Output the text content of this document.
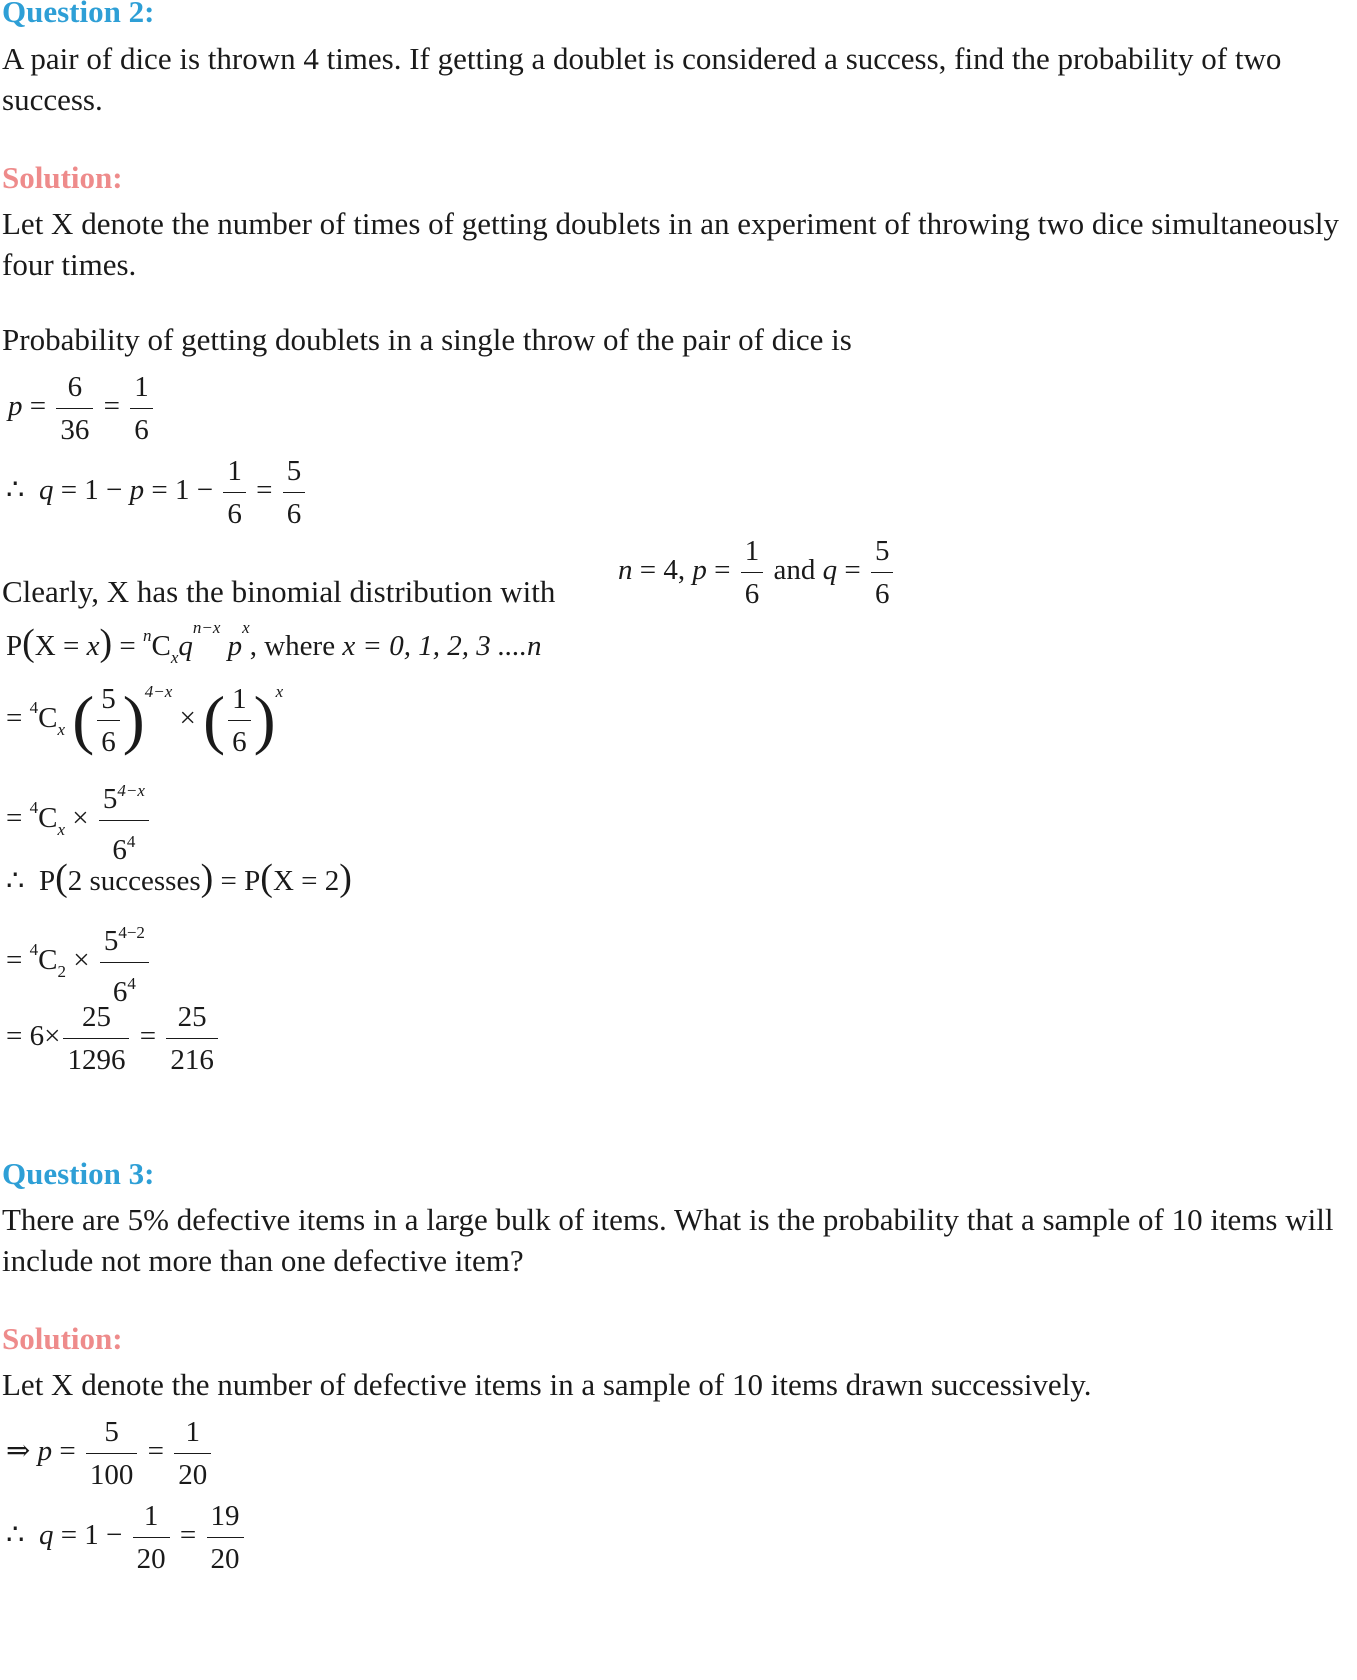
Question 2:
A pair of dice is thrown 4 times. If getting a doublet is considered a success, find the probability of two success.
Solution:
Let X denote the number of times of getting doublets in an experiment of throwing two dice simultaneously four times.
Probability of getting doublets in a single throw of the pair of dice is
$p = \frac{6}{36} = \frac{1}{6}$
∴  $q = 1 - p = 1 - \frac{1}{6} = \frac{5}{6}$
Clearly, X has the binomial distribution with
n = 4, $p = \frac{1}{6}$ and $q = \frac{5}{6}$
$P(X = x) = ^nC_xq^{n-x}$ $p^x$, where x = 0, 1, 2, 3 ....n
= $^4C_x$ ( $\frac{5}{6} )^{4-x}$ × ( $\frac{1}{6} )^x$
= $^4C_x \times \frac{5^{4-x}}{6^4}$
∴  P(2 successes) = P(X = 2)
= $^4C_2 \times \frac{5^{4-2}}{6^4}$
= $6\times \frac{25}{1296} = \frac{25}{216}$
Question 3:
There are 5% defective items in a large bulk of items. What is the probability that a sample of 10 items will include not more than one defective item?
Solution:
Let X denote the number of defective items in a sample of 10 items drawn successively.
⇒ $p = \frac{5}{100} = \frac{1}{20}$
∴  $q = 1 - \frac{1}{20} = \frac{19}{20}$
